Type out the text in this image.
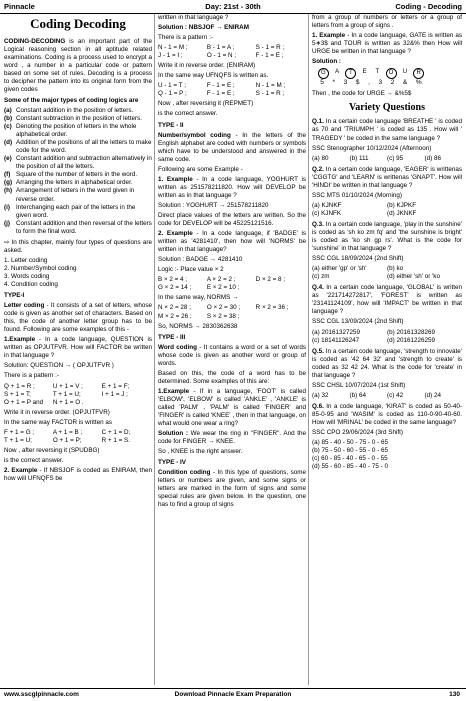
Pinnacle	Day: 21st - 30th	Coding - Decoding
Coding Decoding

CODING-DECODING is an important part of the Logical reasoning section in all aptitude related examinations. Coding is a process used to encrypt a word , a number in a particular code or pattern based on some set of rules. Decoding is a process to decipher the pattern into its original form from the given codes

Some of the major types of coding logics are
(a) Constant addition in the position of letters.
(b) Constant subtraction in the position of letters.
(c) Denoting the position of letters in the whole alphabetical order.
(d) Addition of the positions of all the letters to make code for the word.
(e) Constant addition and subtraction alternatively in the position of all the letters.
(f) Square of the number of letters in the word.
(g) Arranging the letters in alphabetical order.
(h) Arrangement of letters in the word given in reverse order.
(i) Interchanging each pair of the letters in the given word.
(j) Constant addition and then reversal of the letters to form the final word.

⇨ In this chapter, mainly four types of questions are asked.

1. Letter coding
2. Number/Symbol coding
3. Words coding
4. Condition coding
TYPE-I

Letter coding - It consists of a set of letters, whose code is given as another set of characters. Based on this, the code of another letter group has to be found. Following are some examples of this -

1.Example - In a code language, QUESTION is written as OPJUTFVR. How will FACTOR be written in that language ?

Solution: QUESTION → ( OPJUTFVR )

There is a pattern :-

Q + 1 = R ;	U + 1 = V ;	E + 1 = F;
S + 1 = T;	T + 1 = U;	I + 1 = J ;
O + 1 = P and	N + 1 = O .

Write it in reverse order. (OPJUTFVR)

In the same way FACTOR is written as

F + 1 = G ;	A + 1 = B ;	C + 1 = D;
T + 1 = U;	O + 1 = P;	R + 1 = S.

Now , after reversing it (SPUDBG)

is the correct answer.

2. Example - If NBSJOF is coded as ENIRAM, then how will UFNQFS be

written in that language ?

Solution : NBSJOF → ENIRAM

There is a pattern :-

N - 1 = M ;	B - 1 = A ;	S - 1 = R ;
J - 1 = I ;	O - 1 = N ;	F - 1 = E ;

Write it in reverse order. (ENIRAM)

In the same way UFNQFS is written as.

U - 1 = T ;	F - 1 = E ;	N - 1 = M ;
Q - 1 = P ;	F - 1 = E ;	S - 1 = R ;

Now , after reversing it (REPMET)

is the correct answer.

TYPE - II

Number/symbol coding - In the letters of the English alphabet are coded with numbers or symbols which have to be understood and answered in the same code.

Following are some Example -

1. Example - In a code language, YOGHURT is written as 251578211820. How will DEVELOP be written as in that language ?

Solution : YOGHURT → 251578211820

Direct place values of the letters are written. So the code for DEVELOP will be 45225121516.

2. Example - In a code language, if 'BADGE' is written as '4281410', then how will 'NORMS' be written in that language?

Solution : BADGE → 4281410

Logic :- Place value × 2

B × 2 = 4 ;	A × 2 = 2 ;	D × 2 = 8 ;
G × 2 = 14 ;	E × 2 = 10 ;

In the same way, NORMS →

N × 2 = 28 ;	O × 2 = 30 ;	R × 2 = 36 ;
M × 2 = 26 ;	S × 2 = 38 ;

So, NORMS → 2830362638

TYPE - III

Word coding - It contains a word or a set of words whose code is given as another word or group of words.

Based on this, the code of a word has to be determined. Some examples of this are:

1.Example - If in a language, 'FOOT' is called 'ELBOW', 'ELBOW' is called 'ANKLE' , 'ANKLE' is called 'PALM' , 'PALM' is called 'FINGER' and 'FINGER' is called 'KNEE' , then in that language, on what would one wear a ring?

Solution : We wear the ring in "FINGER". And the code for FINGER → KNEE.

So , KNEE is the right answer.

TYPE - IV

Condition coding - In this type of questions, some letters or numbers are given, and some signs or letters are marked in the form of signs and some special rules are given below. In the question, one has to find a group of signs

from a group of numbers or letters or a group of letters from a group of signs .

1. Example - In a code language, GATE is written as 5∗3$ and TOUR is written as 32&% then How will URGE be written in that language ?

Solution :

G	A	T	E	T	O	U	R
5 * 3 $ , 3 2 & %

Then , the code for URGE → &%5$

Variety Questions

Q.1. In a certain code language 'BREATHE ' is coded as 70 and 'TRIUMPH ' is coded as 135 . How will ' TRAGEDY ' be coded in the same language ?

SSC Stenographer 10/12/2024 (Afternoon)

(a) 80	(b) 111	(c) 95	(d) 86

Q.2. In a certain code language, 'EAGER' is writtenas 'CGGTG' and 'LEARN' is writtenas 'GNAPT'. How will 'HINDI' be written in that language ?

SSC MTS 01/10/2024 (Morning)

(a) KJNKF	(b) KJPKF
(c) KJNFK	(d) JKNKF

Q.3. In a certain code language, 'play in the sunshine' is coded as 'sh ko zm fq' and 'the sunshine is bright' is coded as 'ko sh gp rs'. What is the code for 'sunshine' in that language ?

SSC CGL 18/09/2024 (2nd Shift)

(a) either 'gp' or 'sh'	(b) ko
(c) zm	(d) either 'sh' or 'ko

Q.4. In a certain code language, 'GLOBAL' is written as '221714272817', 'FOREST' is written as '23141124109', how will 'IMPACT' be written in that language ?

SSC CGL 13/09/2024 (2nd Shift)

(a) 20161327259	(b) 20161328269
(c) 18141126247	(d) 20161226259

Q.5. In a certain code language, 'strength to innovate' is coded as '42 64 32' and 'strength to create' is coded as 32 42 24. What is the code for 'create' in that language ?

SSC CHSL 10/07/2024 (1st Shift)

(a) 32	(b) 64	(c) 42	(d) 24

Q.6. In a code language, 'KIRAT' is coded as 50-40-85-0-95 and 'WASIM' is coded as 110-0-90-40-60. How will 'MRINAL' be coded in the same language?

SSC CPO 29/06/2024 (3rd Shift)

(a) 85 - 40 - 50 - 75 - 0 - 65
(b) 75 - 50 - 60 - 55 - 0 - 65
(c) 60 - 85 - 40 - 65 - 0 - 55
(d) 55 - 60 - 85 - 40 - 75 - 0
www.sscglpinnacle.com	Download Pinnacle Exam Preparation	130
